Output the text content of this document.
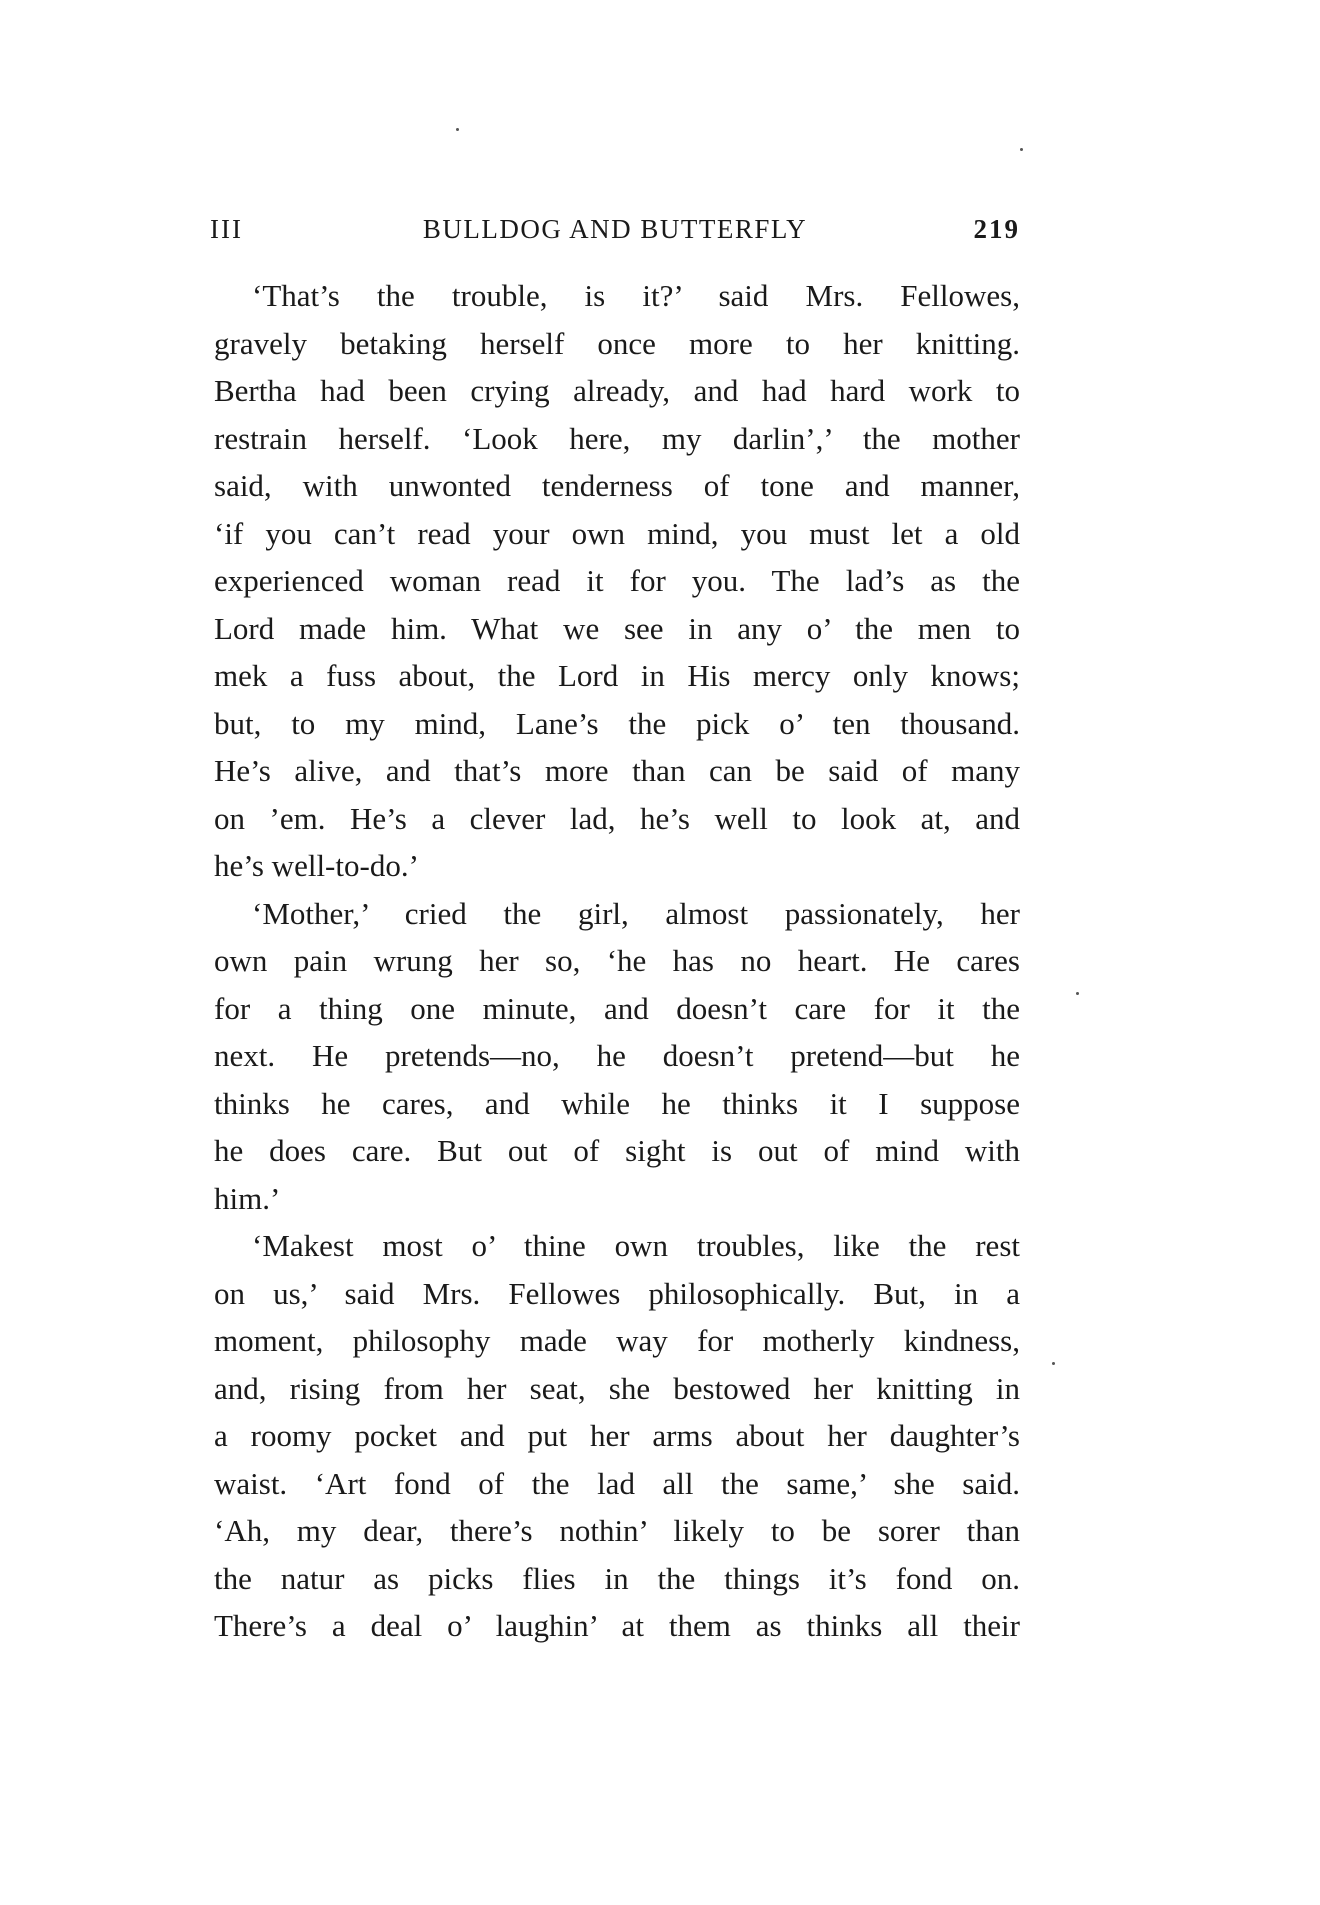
III	BULLDOG AND BUTTERFLY	219
‘That’s the trouble, is it?’ said Mrs. Fellowes,
gravely betaking herself once more to her knitting.
Bertha had been crying already, and had hard work to
restrain herself. ‘Look here, my darlin’,’ the mother
said, with unwonted tenderness of tone and manner,
‘if you can’t read your own mind, you must let a old
experienced woman read it for you. The lad’s as the
Lord made him. What we see in any o’ the men to
mek a fuss about, the Lord in His mercy only knows;
but, to my mind, Lane’s the pick o’ ten thousand.
He’s alive, and that’s more than can be said of many
on ’em. He’s a clever lad, he’s well to look at, and
he’s well-to-do.’
‘Mother,’ cried the girl, almost passionately, her
own pain wrung her so, ‘he has no heart. He cares
for a thing one minute, and doesn’t care for it the
next. He pretends—no, he doesn’t pretend—but he
thinks he cares, and while he thinks it I suppose
he does care. But out of sight is out of mind with
him.’
‘Makest most o’ thine own troubles, like the rest
on us,’ said Mrs. Fellowes philosophically. But, in a
moment, philosophy made way for motherly kindness,
and, rising from her seat, she bestowed her knitting in
a roomy pocket and put her arms about her daughter’s
waist. ‘Art fond of the lad all the same,’ she said.
‘Ah, my dear, there’s nothin’ likely to be sorer than
the natur as picks flies in the things it’s fond on.
There’s a deal o’ laughin’ at them as thinks all their
